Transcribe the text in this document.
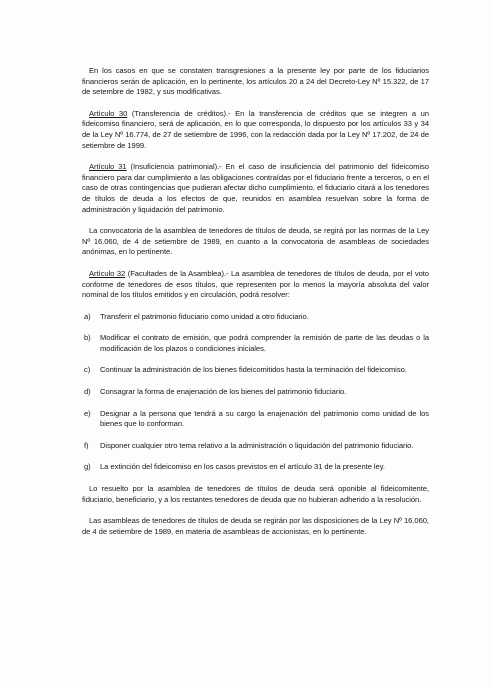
En los casos en que se constaten transgresiones a la presente ley por parte de los fiduciarios financieros serán de aplicación, en lo pertinente, los artículos 20 a 24 del Decreto-Ley Nº 15.322, de 17 de setembre de 1982, y sus modificativas.

Artículo 30 (Transferencia de créditos).- En la transferencia de créditos que se integren a un fideicomiso financiero, será de aplicación, en lo que corresponda, lo dispuesto por los artículos 33 y 34 de la Ley Nº 16.774, de 27 de setiembre de 1996, con la redacción dada por la Ley Nº 17.202, de 24 de setiembre de 1999.

Artículo 31 (Insuficiencia patrimonial).- En el caso de insuficiencia del patrimonio del fideicomiso financiero para dar cumplimiento a las obligaciones contraídas por el fiduciario frente a terceros, o en el caso de otras contingencias que pudieran afectar dicho cumplimiento, el fiduciario citará a los tenedores de títulos de deuda a los efectos de que, reunidos en asamblea resuelvan sobre la forma de administración y liquidación del patrimonio.

La convocatoria de la asamblea de tenedores de títulos de deuda, se regirá por las normas de la Ley Nº 16.060, de 4 de setiembre de 1989, en cuanto a la convocatoria de asambleas de sociedades anónimas, en lo pertinente.

Artículo 32 (Facultades de la Asamblea).- La asamblea de tenedores de títulos de deuda, por el voto conforme de tenedores de esos títulos, que representen por lo menos la mayoría absoluta del valor nominal de los títulos emitidos y en circulación, podrá resolver:

a) Transferir el patrimonio fiduciario como unidad a otro fiduciario.
b) Modificar el contrato de emisión, que podrá comprender la remisión de parte de las deudas o la modificación de los plazos o condiciones iniciales.
c) Continuar la administración de los bienes fideicomitidos hasta la terminación del fideicomiso.
d) Consagrar la forma de enajenación de los bienes del patrimonio fiduciario.
e) Designar a la persona que tendrá a su cargo la enajenación del patrimonio como unidad de los bienes que lo conforman.
f) Disponer cualquier otro tema relativo a la administración o liquidación del patrimonio fiduciario.
g) La extinción del fideicomiso en los casos previstos en el artículo 31 de la presente ley.

Lo resuelto por la asamblea de tenedores de títulos de deuda será oponible al fideicomitente, fiduciario, beneficiario, y a los restantes tenedores de deuda que no hubieran adherido a la resolución.

Las asambleas de tenedores de títulos de deuda se regirán por las disposiciones de la Ley Nº 16.060, de 4 de setiembre de 1989, en materia de asambleas de accionistas, en lo pertinente.
